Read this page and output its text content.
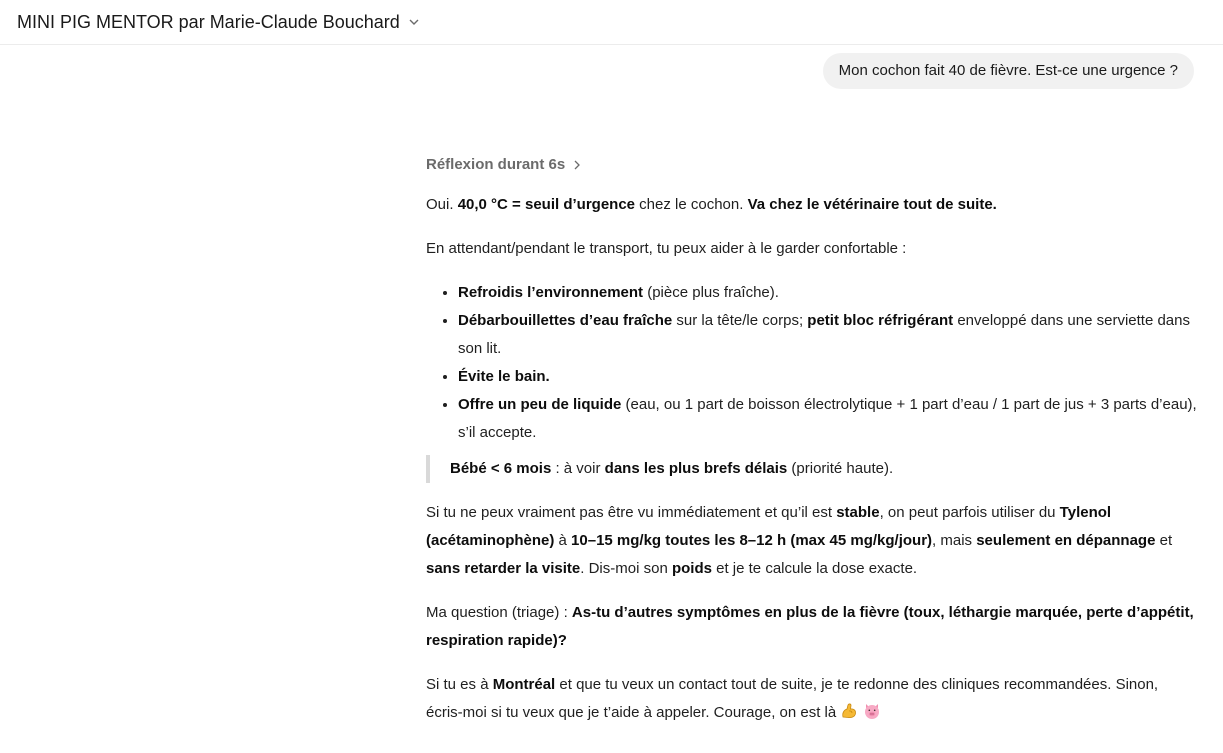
MINI PIG MENTOR par Marie-Claude Bouchard
Mon cochon fait 40 de fièvre. Est-ce une urgence ?
Réflexion durant 6s

Oui. 40,0 °C = seuil d’urgence chez le cochon. Va chez le vétérinaire tout de suite.

En attendant/pendant le transport, tu peux aider à le garder confortable :

• Refroidis l’environnement (pièce plus fraîche).
• Débarbouillettes d’eau fraîche sur la tête/le corps; petit bloc réfrigérant enveloppé dans une serviette dans son lit.
• Évite le bain.
• Offre un peu de liquide (eau, ou 1 part de boisson électrolytique + 1 part d’eau / 1 part de jus + 3 parts d’eau), s’il accepte.
Bébé < 6 mois : à voir dans les plus brefs délais (priorité haute).

Si tu ne peux vraiment pas être vu immédiatement et qu’il est stable, on peut parfois utiliser du Tylenol (acétaminophène) à 10–15 mg/kg toutes les 8–12 h (max 45 mg/kg/jour), mais seulement en dépannage et sans retarder la visite. Dis-moi son poids et je te calcule la dose exacte.

Ma question (triage) : As-tu d’autres symptômes en plus de la fièvre (toux, léthargie marquée, perte d’appétit, respiration rapide)?

Si tu es à Montréal et que tu veux un contact tout de suite, je te redonne des cliniques recommandées. Sinon, écris-moi si tu veux que je t’aide à appeler. Courage, on est là
